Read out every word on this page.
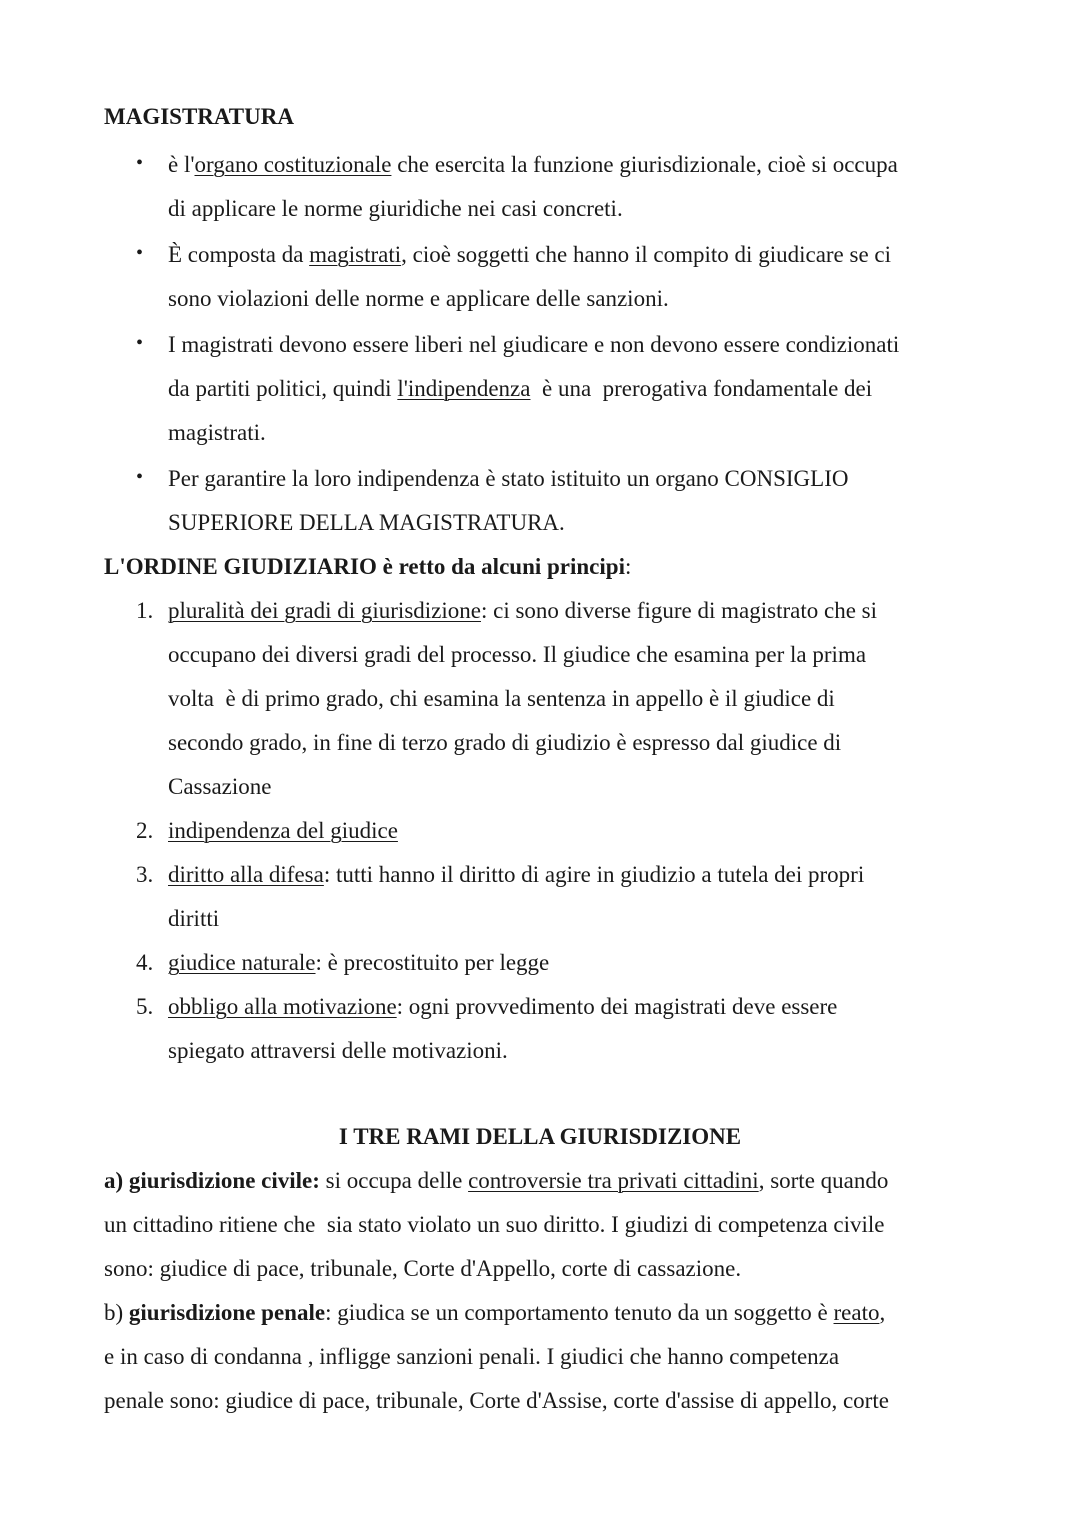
MAGISTRATURA
• è l'organo costituzionale che esercita la funzione giurisdizionale, cioè si occupa
di applicare le norme giuridiche nei casi concreti.
• È composta da magistrati, cioè soggetti che hanno il compito di giudicare se ci
sono violazioni delle norme e applicare delle sanzioni.
• I magistrati devono essere liberi nel giudicare e non devono essere condizionati
da partiti politici, quindi l'indipendenza  è una  prerogativa fondamentale dei
magistrati.
• Per garantire la loro indipendenza è stato istituito un organo CONSIGLIO
SUPERIORE DELLA MAGISTRATURA.
L'ORDINE GIUDIZIARIO è retto da alcuni principi:
1. pluralità dei gradi di giurisdizione: ci sono diverse figure di magistrato che si
occupano dei diversi gradi del processo. Il giudice che esamina per la prima
volta  è di primo grado, chi esamina la sentenza in appello è il giudice di
secondo grado, in fine di terzo grado di giudizio è espresso dal giudice di
Cassazione
2. indipendenza del giudice
3. diritto alla difesa: tutti hanno il diritto di agire in giudizio a tutela dei propri
diritti
4. giudice naturale: è precostituito per legge
5. obbligo alla motivazione: ogni provvedimento dei magistrati deve essere
spiegato attraversi delle motivazioni.
I TRE RAMI DELLA GIURISDIZIONE
a) giurisdizione civile: si occupa delle controversie tra privati cittadini, sorte quando
un cittadino ritiene che  sia stato violato un suo diritto. I giudizi di competenza civile
sono: giudice di pace, tribunale, Corte d'Appello, corte di cassazione.
b) giurisdizione penale: giudica se un comportamento tenuto da un soggetto è reato,
e in caso di condanna , infligge sanzioni penali. I giudici che hanno competenza
penale sono: giudice di pace, tribunale, Corte d'Assise, corte d'assise di appello, corte
